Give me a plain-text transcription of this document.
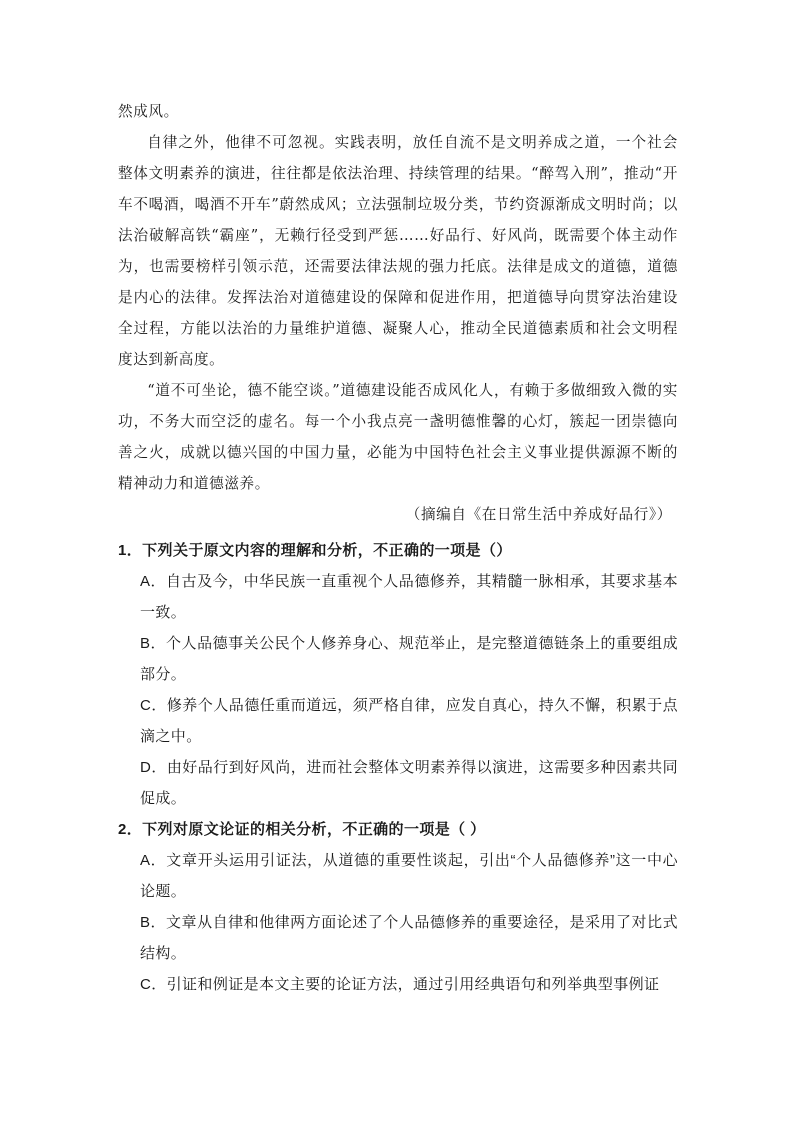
然成风。

自律之外，他律不可忽视。实践表明，放任自流不是文明养成之道，一个社会整体文明素养的演进，往往都是依法治理、持续管理的结果。“醉驾入刑”，推动“开车不喝酒，喝酒不开车”蔚然成风；立法强制垃圾分类，节约资源渐成文明时尚；以法治破解高铁“霸座”，无赖行径受到严惩……好品行、好风尚，既需要个体主动作为，也需要榜样引领示范，还需要法律法规的强力托底。法律是成文的道德，道德是内心的法律。发挥法治对道德建设的保障和促进作用，把道德导向贯穿法治建设全过程，方能以法治的力量维护道德、凝聚人心，推动全民道德素质和社会文明程度达到新高度。

“道不可坐论，德不能空谈。”道德建设能否成风化人，有赖于多做细致入微的实功，不务大而空泛的虚名。每一个小我点亮一盏明德惟馨的心灯，簇起一团崇德向善之火，成就以德兴国的中国力量，必能为中国特色社会主义事业提供源源不断的精神动力和道德滋养。

（摘编自《在日常生活中养成好品行》）

1．下列关于原文内容的理解和分析，不正确的一项是（）

A．自古及今，中华民族一直重视个人品德修养，其精髓一脉相承，其要求基本一致。

B．个人品德事关公民个人修养身心、规范举止，是完整道德链条上的重要组成部分。

C．修养个人品德任重而道远，须严格自律，应发自真心，持久不懈，积累于点滴之中。

D．由好品行到好风尚，进而社会整体文明素养得以演进，这需要多种因素共同促成。

2．下列对原文论证的相关分析，不正确的一项是（ ）

A．文章开头运用引证法，从道德的重要性谈起，引出“个人品德修养”这一中心论题。

B．文章从自律和他律两方面论述了个人品德修养的重要途径，是采用了对比式结构。

C．引证和例证是本文主要的论证方法，通过引用经典语句和列举典型事例证
